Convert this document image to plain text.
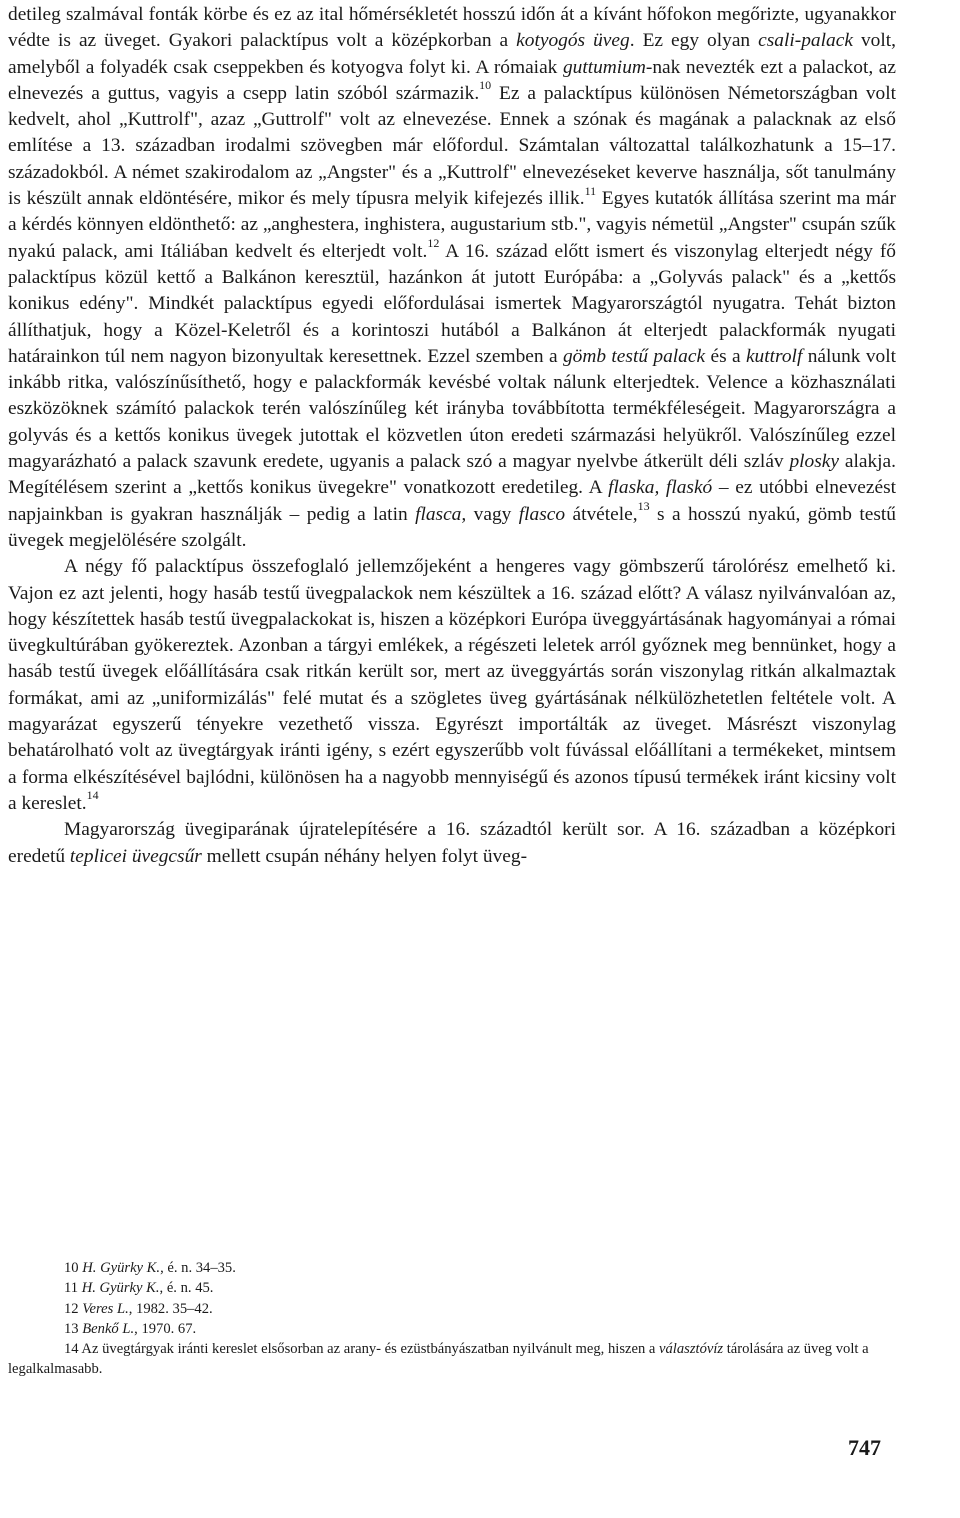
detileg szalmával fonták körbe és ez az ital hőmérsékletét hosszú időn át a kívánt hőfokon megőrizte, ugyanakkor védte is az üveget. Gyakori palacktípus volt a középkorban a kotyogós üveg. Ez egy olyan csali-palack volt, amelyből a folyadék csak cseppekben és kotyogva folyt ki. A rómaiak guttumium-nak nevezték ezt a palackot, az elnevezés a guttus, vagyis a csepp latin szóból származik.$^{10}$ Ez a palacktípus különösen Németországban volt kedvelt, ahol „Kuttrolf", azaz „Guttrolf" volt az elnevezése. Ennek a szónak és magának a palacknak az első említése a 13. században irodalmi szövegben már előfordul. Számtalan változattal találkozhatunk a 15–17. századokból. A német szakirodalom az „Angster" és a „Kuttrolf" elnevezéseket keverve használja, sőt tanulmány is készült annak eldöntésére, mikor és mely típusra melyik kifejezés illik.$^{11}$ Egyes kutatók állítása szerint ma már a kérdés könnyen eldönthető: az „anghestera, inghistera, augustarium stb.", vagyis németül „Angster" csupán szűk nyakú palack, ami Itáliában kedvelt és elterjedt volt.$^{12}$ A 16. század előtt ismert és viszonylag elterjedt négy fő palacktípus közül kettő a Balkánon keresztül, hazánkon át jutott Európába: a „Golyvás palack" és a „kettős konikus edény". Mindkét palacktípus egyedi előfordulásai ismertek Magyarországtól nyugatra. Tehát bizton állíthatjuk, hogy a Közel-Keletről és a korintoszi hutából a Balkánon át elterjedt palackformák nyugati határainkon túl nem nagyon bizonyultak keresettnek. Ezzel szemben a gömb testű palack és a kuttrolf nálunk volt inkább ritka, valószínűsíthető, hogy e palackformák kevésbé voltak nálunk elterjedtek. Velence a közhasználati eszközöknek számító palackok terén valószínűleg két irányba továbbította termékféleségeit. Magyarországra a golyvás és a kettős konikus üvegek jutottak el közvetlen úton eredeti származási helyükről. Valószínűleg ezzel magyarázható a palack szavunk eredete, ugyanis a palack szó a magyar nyelvbe átkerült déli szláv plosky alakja. Megítélésem szerint a „kettős konikus üvegekre" vonatkozott eredetileg. A flaska, flaskó – ez utóbbi elnevezést napjainkban is gyakran használják – pedig a latin flasca, vagy flasco átvétele,$^{13}$ s a hosszú nyakú, gömb testű üvegek megjelölésére szolgált.

A négy fő palacktípus összefoglaló jellemzőjeként a hengeres vagy gömbszerű tárolórész emelhető ki. Vajon ez azt jelenti, hogy hasáb testű üvegpalackok nem készültek a 16. század előtt? A válasz nyilvánvalóan az, hogy készítettek hasáb testű üvegpalackokat is, hiszen a középkori Európa üveggyártásának hagyományai a római üvegkultúrában gyökereztek. Azonban a tárgyi emlékek, a régészeti leletek arról győznek meg bennünket, hogy a hasáb testű üvegek előállítására csak ritkán került sor, mert az üveggyártás során viszonylag ritkán alkalmaztak formákat, ami az „uniformizálás" felé mutat és a szögletes üveg gyártásának nélkülözhetetlen feltétele volt. A magyarázat egyszerű tényekre vezethető vissza. Egyrészt importálták az üveget. Másrészt viszonylag behatárolható volt az üvegtárgyak iránti igény, s ezért egyszerűbb volt fúvással előállítani a termékeket, mintsem a forma elkészítésével bajlódni, különösen ha a nagyobb mennyiségű és azonos típusú termékek iránt kicsiny volt a kereslet.$^{14}$

Magyarország üvegiparának újratelepítésére a 16. századtól került sor. A 16. században a középkori eredetű teplicei üvegcsűr mellett csupán néhány helyen folyt üveg-

10 H. Gyürky K., é. n. 34–35.

11 H. Gyürky K., é. n. 45.

12 Veres L., 1982. 35–42.

13 Benkő L., 1970. 67.

14 Az üvegtárgyak iránti kereslet elsősorban az arany- és ezüstbányászatban nyilvánult meg, hiszen a választóvíz tárolására az üveg volt a legalkalmasabb.

747
